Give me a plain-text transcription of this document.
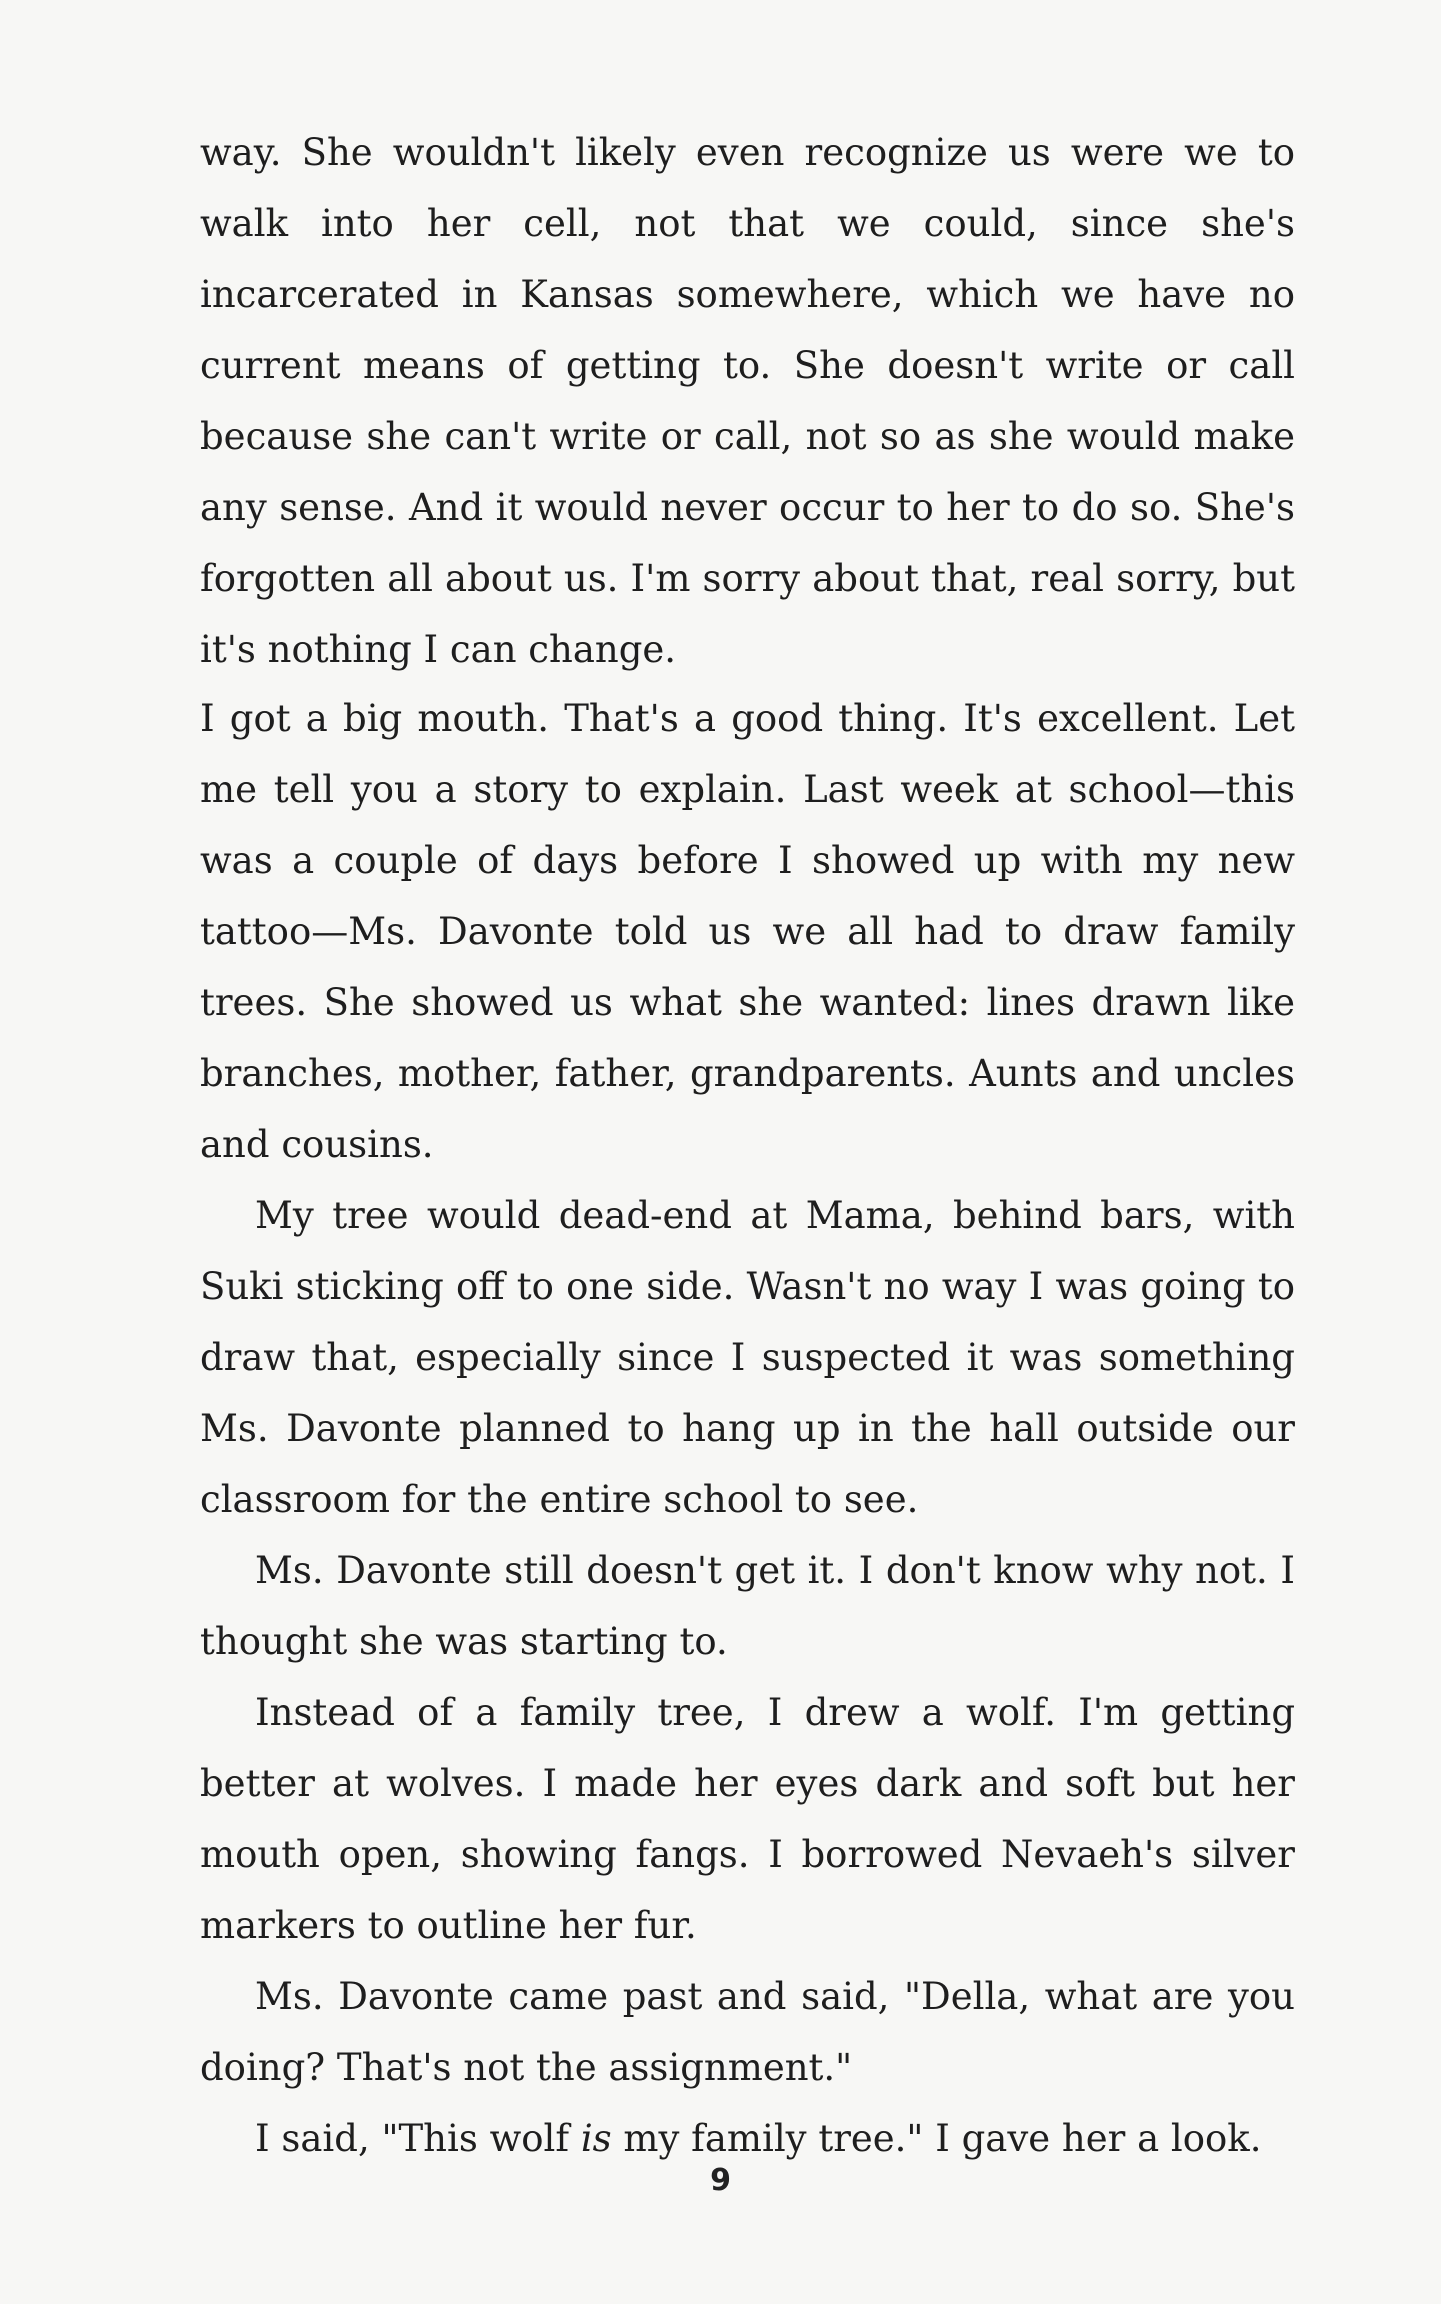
way. She wouldn't likely even recognize us were we to walk into her cell, not that we could, since she's incarcerated in Kansas somewhere, which we have no current means of getting to. She doesn't write or call because she can't write or call, not so as she would make any sense. And it would never occur to her to do so. She's forgotten all about us. I'm sorry about that, real sorry, but it's nothing I can change.

I got a big mouth. That's a good thing. It's excellent. Let me tell you a story to explain. Last week at school—this was a couple of days before I showed up with my new tattoo—Ms. Davonte told us we all had to draw family trees. She showed us what she wanted: lines drawn like branches, mother, father, grandparents. Aunts and uncles and cousins.

My tree would dead-end at Mama, behind bars, with Suki sticking off to one side. Wasn't no way I was going to draw that, especially since I suspected it was something Ms. Davonte planned to hang up in the hall outside our classroom for the entire school to see.

Ms. Davonte still doesn't get it. I don't know why not. I thought she was starting to.

Instead of a family tree, I drew a wolf. I'm getting better at wolves. I made her eyes dark and soft but her mouth open, showing fangs. I borrowed Nevaeh's silver markers to outline her fur.

Ms. Davonte came past and said, "Della, what are you doing? That's not the assignment."

I said, "This wolf is my family tree." I gave her a look.

9
